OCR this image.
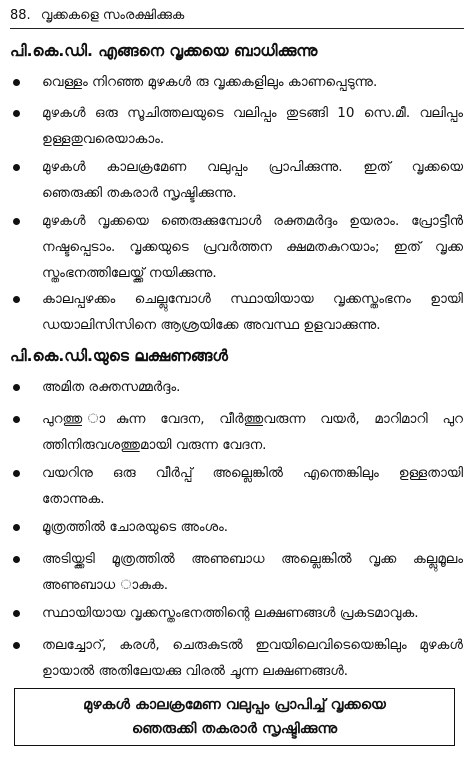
88. വൃക്കകളെ സംരക്ഷിക്കുക
പി.കെ.ഡി. എങ്ങനെ വൃക്കയെ ബാധിക്കുന്നു
പി.കെ.ഡി.യുടെ ലക്ഷണങ്ങൾ
വെള്ളം നിറഞ്ഞ മുഴകൾ രു വൃക്കകളിലും കാണപ്പെടുന്നു.
മുഴകൾ ഒരു സൂചിത്തലയുടെ വലിപ്പം തുടങ്ങി 10 സെ.മീ. വലിപ്പം
ഉള്ളതുവരെയാകാം.
മുഴകൾ കാലക്രമേണ വലുപ്പം പ്രാപിക്കുന്നു. ഇത് വൃക്കയെ
ഞെരുക്കി തകരാർ സൃഷ്ടിക്കുന്നു.
മുഴകൾ വൃക്കയെ ഞെരുക്കുമ്പോൾ രക്തമർദ്ദം ഉയരാം. പ്രോട്ടീൻ
നഷ്ടപ്പെടാം. വൃക്കയുടെ പ്രവർത്തന ക്ഷമതകുറയാം; ഇത് വൃക്ക
സ്തംഭനത്തിലേയ്ക്ക് നയിക്കുന്നു.
കാലപ്പഴക്കം ചെല്ലുമ്പോൾ സ്ഥായിയായ വൃക്കസ്തംഭനം ഉായി
ഡയാലിസിസിനെ ആശ്രയിക്കേ അവസ്ഥ ഉളവാക്കുന്നു.
അമിത രക്തസമ്മർദ്ദം.
പുറത്തു ാകുന്ന വേദന, വീർത്തുവരുന്ന വയർ, മാറിമാറി പുറ
ത്തിനിരുവശത്തുമായി വരുന്ന വേദന.
വയറിനു ഒരു വീർപ്പ് അല്ലെങ്കിൽ എന്തെങ്കിലും ഉള്ളതായി
തോന്നുക.
മൂത്രത്തിൽ ചോരയുടെ അംശം.
അടിയ്ക്കടി മൂത്രത്തിൽ അണുബാധ അല്ലെങ്കിൽ വൃക്ക കല്ലുമൂലം
അണുബാധ ാകുക.
സ്ഥായിയായ വൃക്കസ്തംഭനത്തിന്റെ ലക്ഷണങ്ങൾ പ്രകടമാവുക.
തലച്ചോറ്, കരൾ, ചെരുകുടൽ ഇവയിലെവിടെയെങ്കിലും മുഴകൾ
ഉായാൽ അതിലേയക്കു വിരൽ ചൂന്ന ലക്ഷണങ്ങൾ.
മുഴകൾ കാലക്രമേണ വലുപ്പം പ്രാപിച്ച് വൃക്കയെ
ഞെരുക്കി തകരാർ സൃഷ്ടിക്കുന്നു
